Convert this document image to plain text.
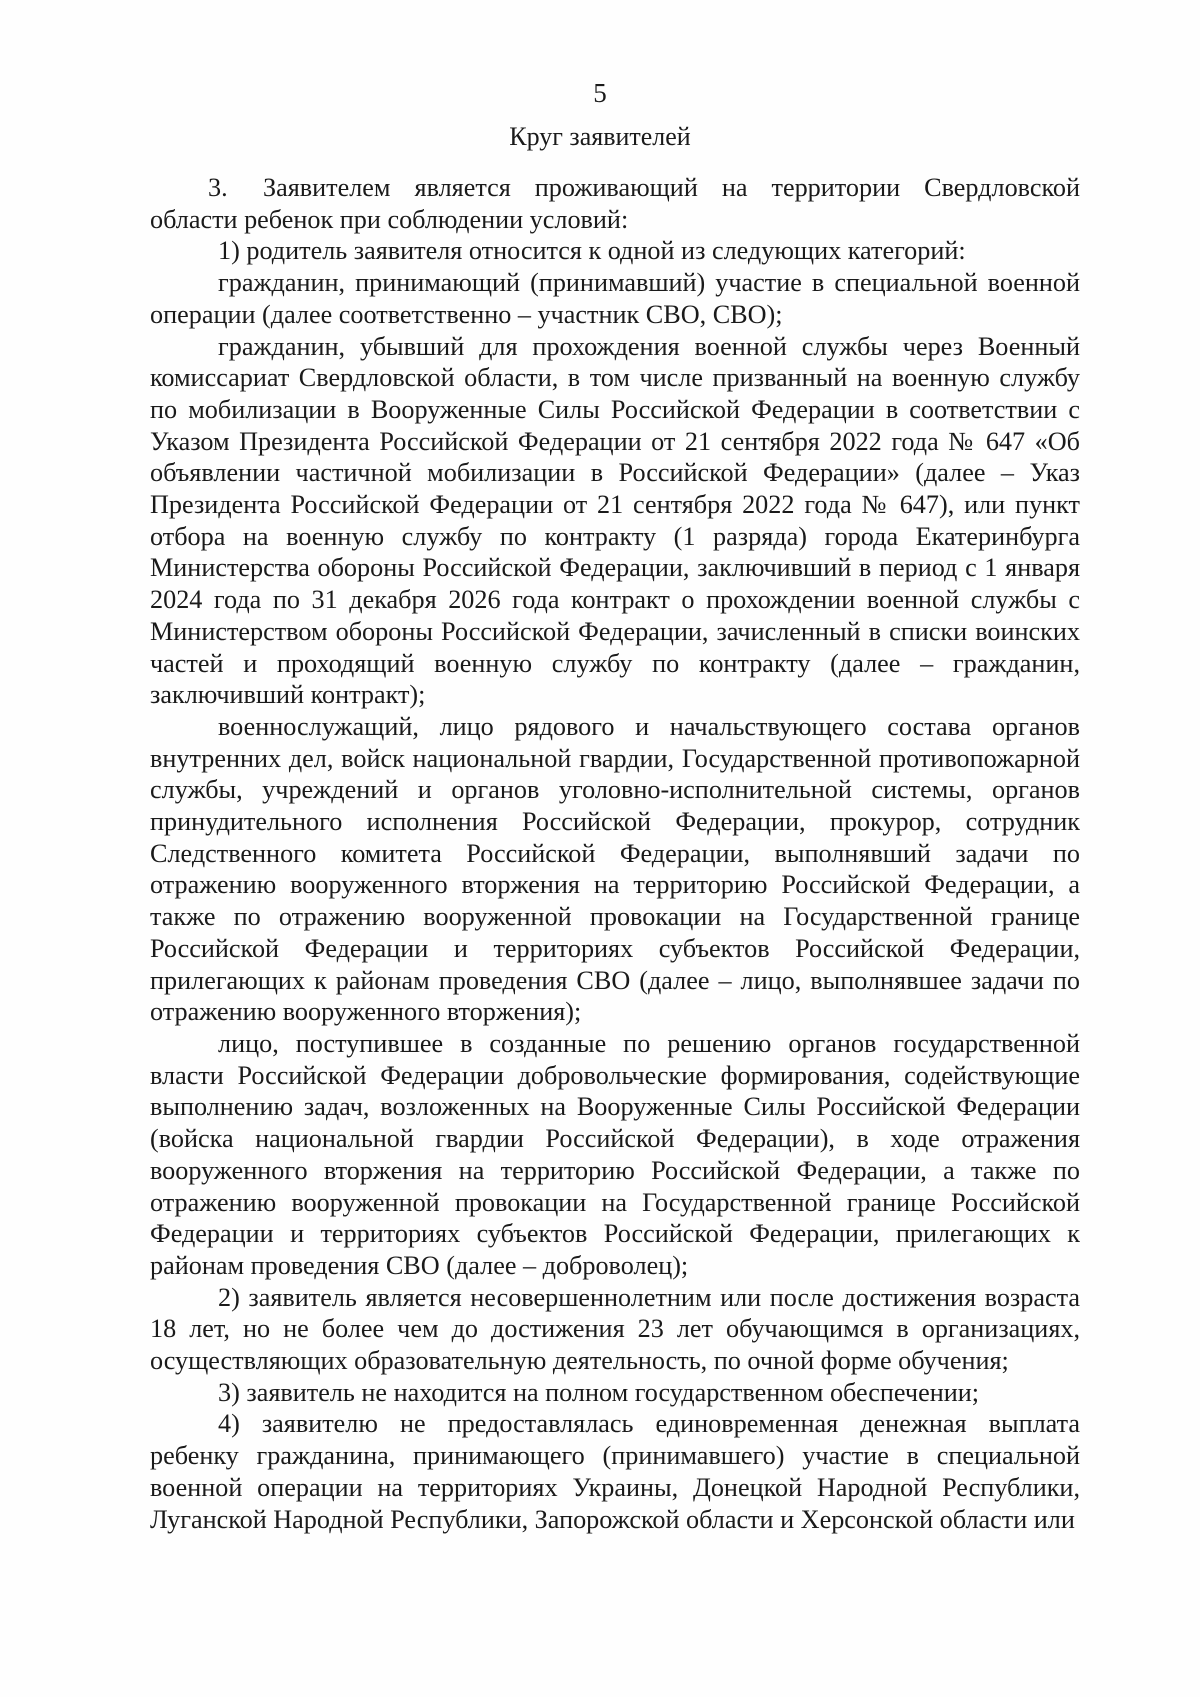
5
Круг заявителей

3. Заявителем является проживающий на территории Свердловской области ребенок при соблюдении условий:

1) родитель заявителя относится к одной из следующих категорий:

гражданин, принимающий (принимавший) участие в специальной военной операции (далее соответственно – участник СВО, СВО);

гражданин, убывший для прохождения военной службы через Военный комиссариат Свердловской области, в том числе призванный на военную службу по мобилизации в Вооруженные Силы Российской Федерации в соответствии с Указом Президента Российской Федерации от 21 сентября 2022 года № 647 «Об объявлении частичной мобилизации в Российской Федерации» (далее – Указ Президента Российской Федерации от 21 сентября 2022 года № 647), или пункт отбора на военную службу по контракту (1 разряда) города Екатеринбурга Министерства обороны Российской Федерации, заключивший в период с 1 января 2024 года по 31 декабря 2026 года контракт о прохождении военной службы с Министерством обороны Российской Федерации, зачисленный в списки воинских частей и проходящий военную службу по контракту (далее – гражданин, заключивший контракт);

военнослужащий, лицо рядового и начальствующего состава органов внутренних дел, войск национальной гвардии, Государственной противопожарной службы, учреждений и органов уголовно-исполнительной системы, органов принудительного исполнения Российской Федерации, прокурор, сотрудник Следственного комитета Российской Федерации, выполнявший задачи по отражению вооруженного вторжения на территорию Российской Федерации, а также по отражению вооруженной провокации на Государственной границе Российской Федерации и территориях субъектов Российской Федерации, прилегающих к районам проведения СВО (далее – лицо, выполнявшее задачи по отражению вооруженного вторжения);

лицо, поступившее в созданные по решению органов государственной власти Российской Федерации добровольческие формирования, содействующие выполнению задач, возложенных на Вооруженные Силы Российской Федерации (войска национальной гвардии Российской Федерации), в ходе отражения вооруженного вторжения на территорию Российской Федерации, а также по отражению вооруженной провокации на Государственной границе Российской Федерации и территориях субъектов Российской Федерации, прилегающих к районам проведения СВО (далее – доброволец);

2) заявитель является несовершеннолетним или после достижения возраста 18 лет, но не более чем до достижения 23 лет обучающимся в организациях, осуществляющих образовательную деятельность, по очной форме обучения;

3) заявитель не находится на полном государственном обеспечении;

4) заявителю не предоставлялась единовременная денежная выплата ребенку гражданина, принимающего (принимавшего) участие в специальной военной операции на территориях Украины, Донецкой Народной Республики, Луганской Народной Республики, Запорожской области и Херсонской области или
